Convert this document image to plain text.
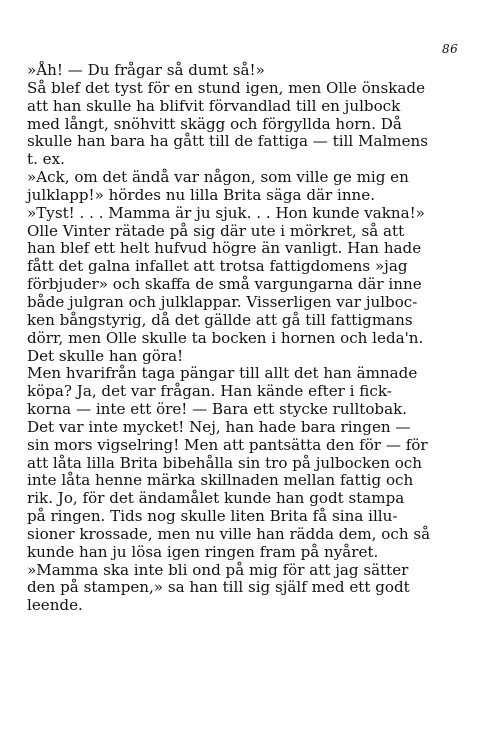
86
»Åh! — Du frågar så dumt så!»
Så blef det tyst för en stund igen, men Olle önskade
att han skulle ha blifvit förvandlad till en julbock
med långt, snöhvitt skägg och förgyllda horn. Då
skulle han bara ha gått till de fattiga — till Malmens
t. ex.
»Ack, om det ändå var någon, som ville ge mig en
julklapp!» hördes nu lilla Brita säga där inne.
»Tyst! . . . Mamma är ju sjuk. . . Hon kunde vakna!»
Olle Vinter rätade på sig där ute i mörkret, så att
han blef ett helt hufvud högre än vanligt. Han hade
fått det galna infallet att trotsa fattigdomens »jag
förbjuder» och skaffa de små vargungarna där inne
både julgran och julklappar. Visserligen var julboc-
ken bångstyrig, då det gällde att gå till fattigmans
dörr, men Olle skulle ta bocken i hornen och leda'n.
Det skulle han göra!
Men hvarifrån taga pängar till allt det han ämnade
köpa? Ja, det var frågan. Han kände efter i fick-
korna — inte ett öre! — Bara ett stycke rulltobak.
Det var inte mycket! Nej, han hade bara ringen —
sin mors vigselring! Men att pantsätta den för — för
att låta lilla Brita bibehålla sin tro på julbocken och
inte låta henne märka skillnaden mellan fattig och
rik. Jo, för det ändamålet kunde han godt stampa
på ringen. Tids nog skulle liten Brita få sina illu-
sioner krossade, men nu ville han rädda dem, och så
kunde han ju lösa igen ringen fram på nyåret.
»Mamma ska inte bli ond på mig för att jag sätter
den på stampen,» sa han till sig själf med ett godt
leende.
